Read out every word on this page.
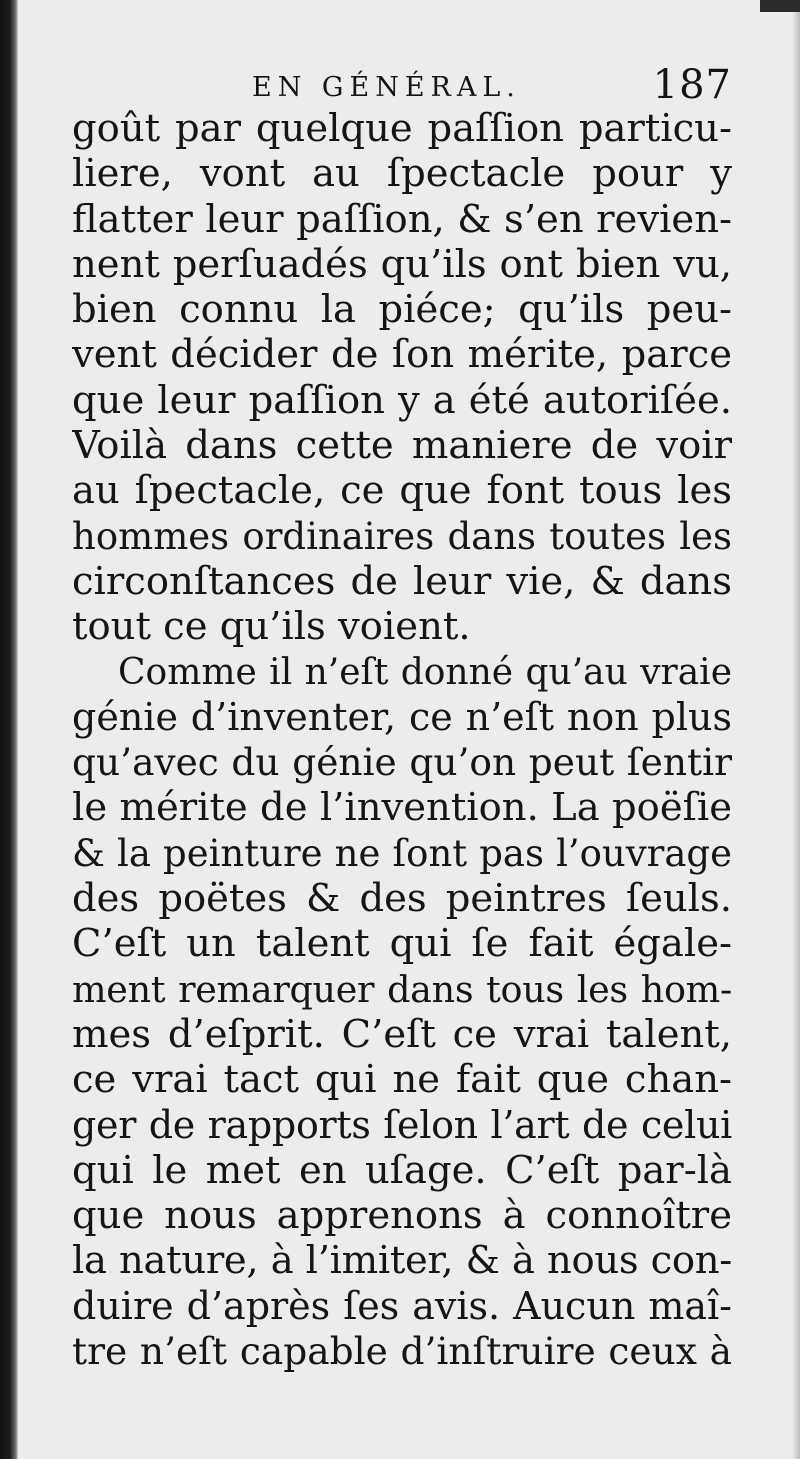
EN GÉNÉRAL.	187
goût par quelque paſſion particu-
liere, vont au ſpectacle pour y
flatter leur paſſion, & s’en revien-
nent perſuadés qu’ils ont bien vu,
bien connu la piéce; qu’ils peu-
vent décider de ſon mérite, parce
que leur paſſion y a été autoriſée.
Voilà dans cette maniere de voir
au ſpectacle, ce que font tous les
hommes ordinaires dans toutes les
circonſtances de leur vie, & dans
tout ce qu’ils voient.
Comme il n’eſt donné qu’au vraie
génie d’inventer, ce n’eſt non plus
qu’avec du génie qu’on peut ſentir
le mérite de l’invention. La poëſie
& la peinture ne ſont pas l’ouvrage
des poëtes & des peintres ſeuls.
C’eſt un talent qui ſe fait égale-
ment remarquer dans tous les hom-
mes d’eſprit. C’eſt ce vrai talent,
ce vrai tact qui ne fait que chan-
ger de rapports ſelon l’art de celui
qui le met en uſage. C’eſt par-là
que nous apprenons à connoître
la nature, à l’imiter, & à nous con-
duire d’après ſes avis. Aucun maî-
tre n’eſt capable d’inſtruire ceux à
